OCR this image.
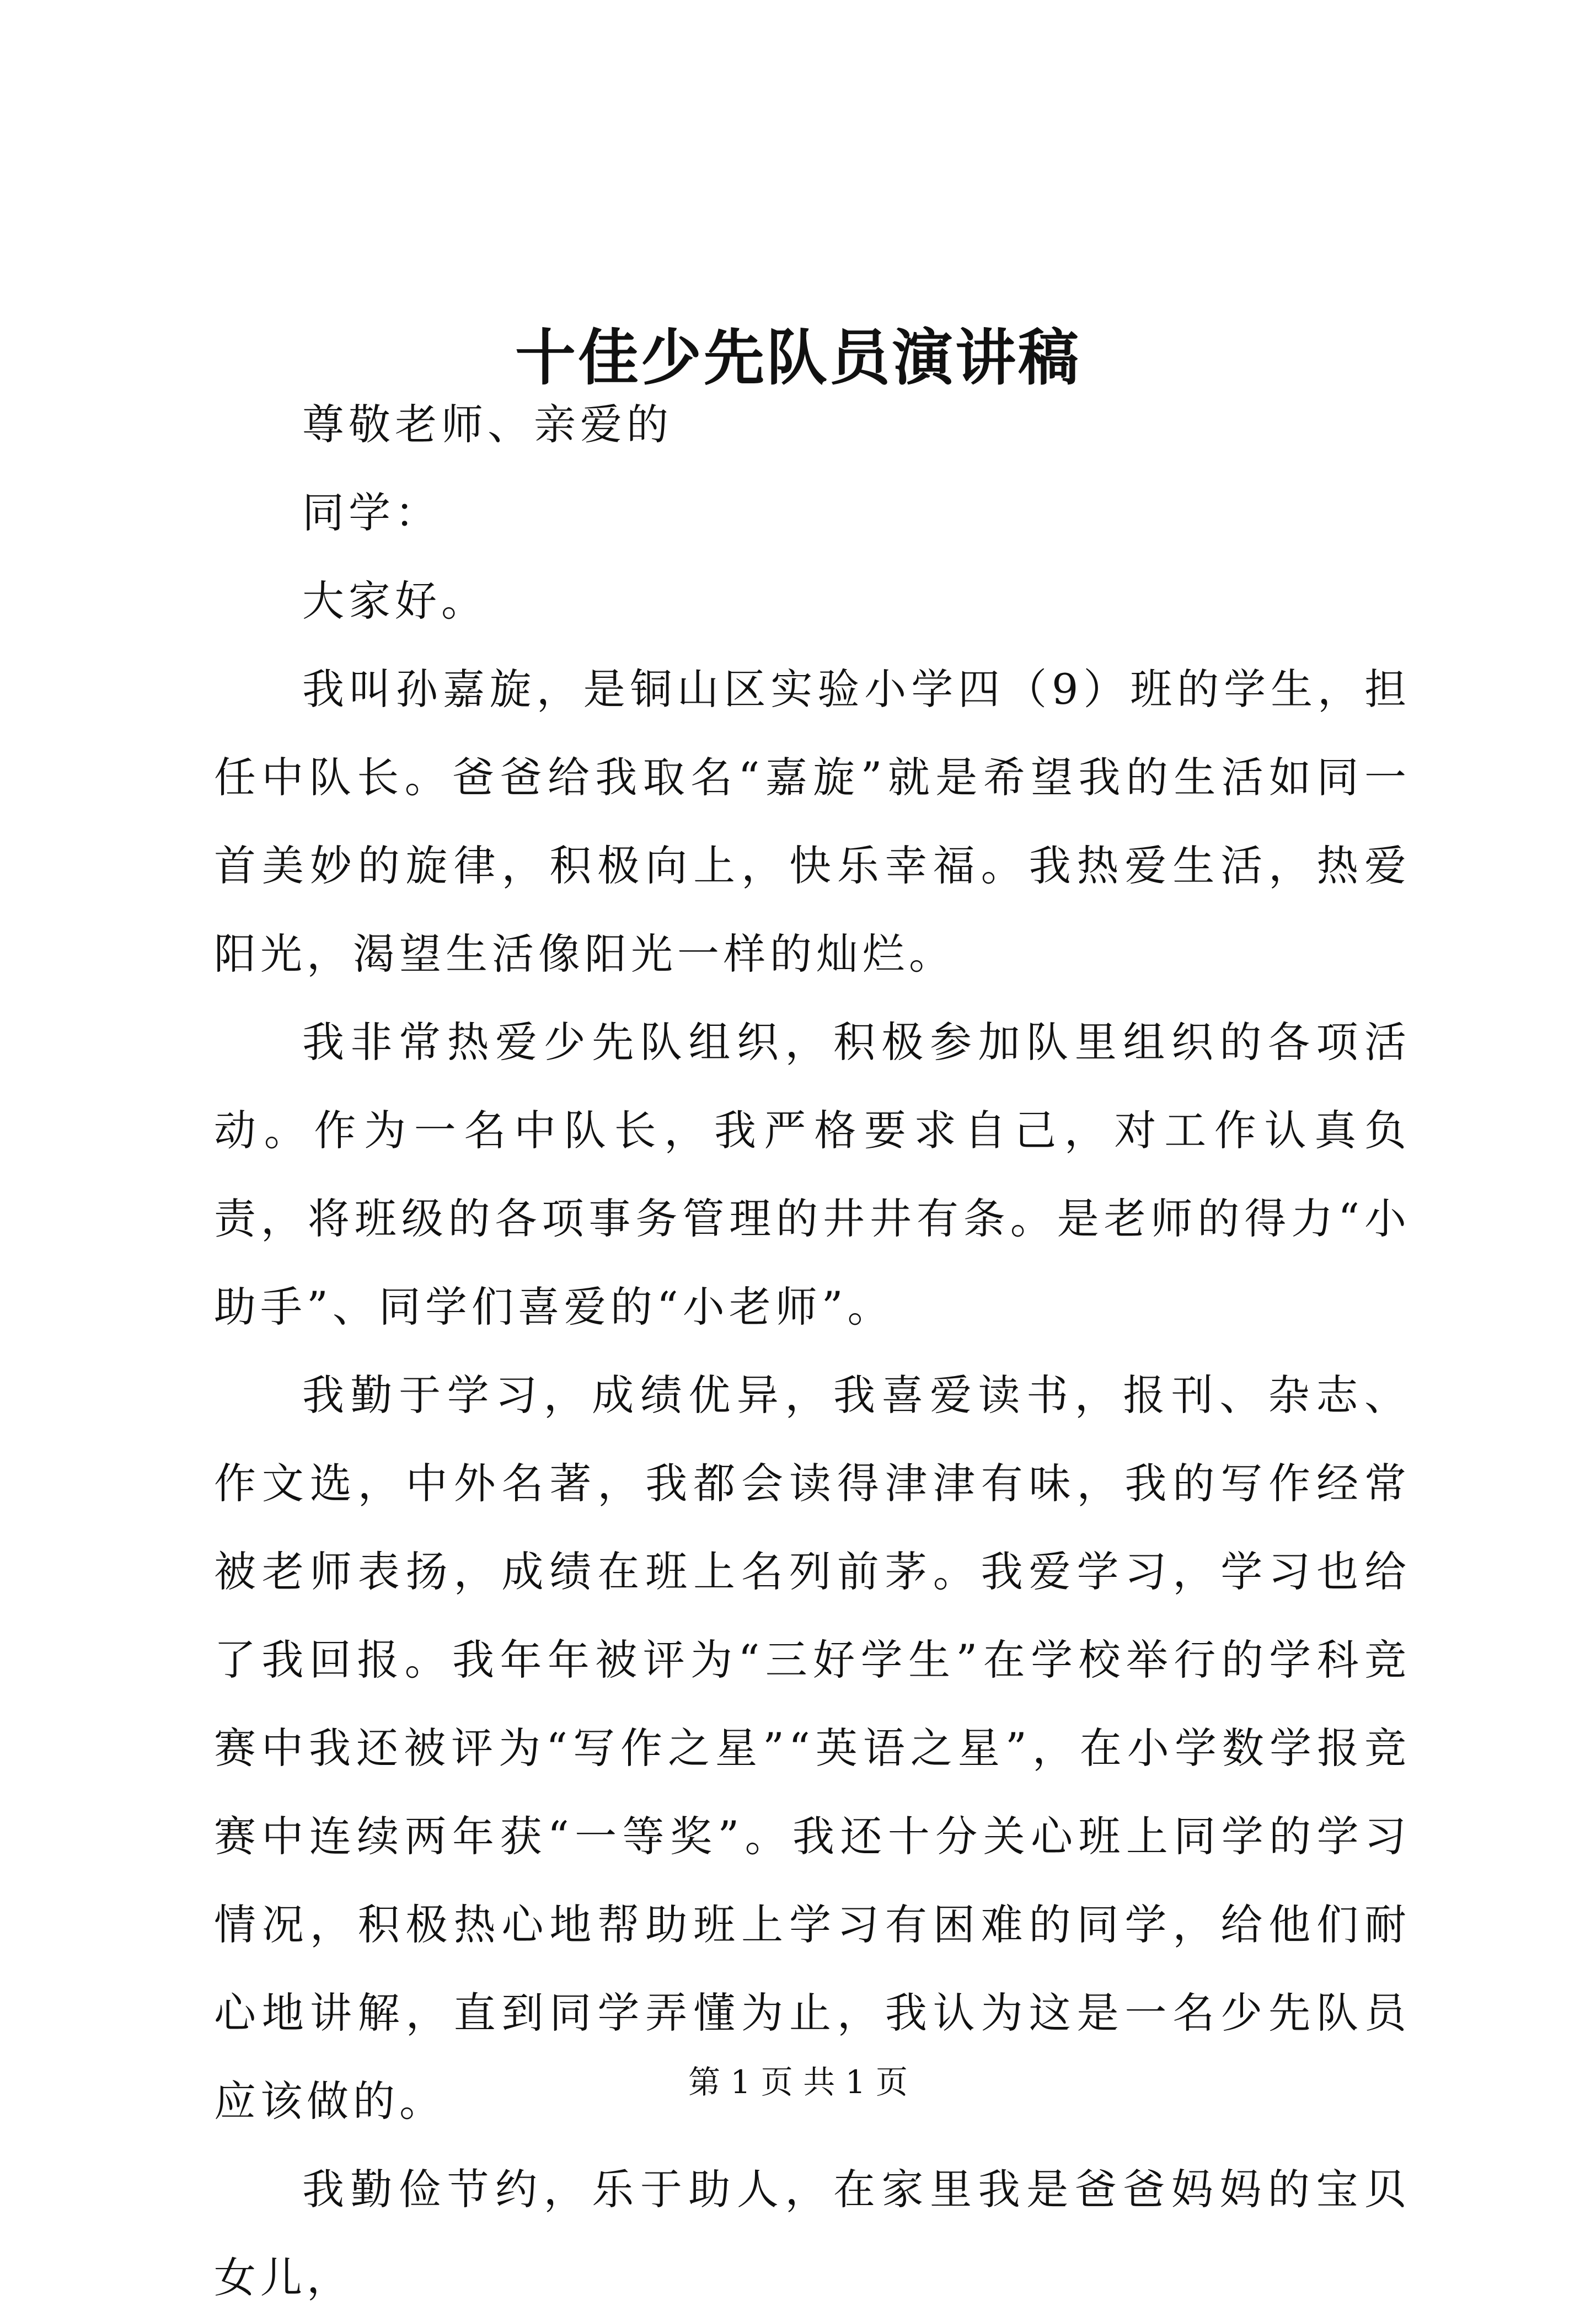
十佳少先队员演讲稿

尊敬老师、亲爱的

同学：

大家好。

我叫孙嘉旋，是铜山区实验小学四（9）班的学生，担任中队长。爸爸给我取名“嘉旋”就是希望我的生活如同一首美妙的旋律，积极向上，快乐幸福。我热爱生活，热爱阳光，渴望生活像阳光一样的灿烂。

我非常热爱少先队组织，积极参加队里组织的各项活动。作为一名中队长，我严格要求自己，对工作认真负责，将班级的各项事务管理的井井有条。是老师的得力“小助手”、同学们喜爱的“小老师”。

我勤于学习，成绩优异，我喜爱读书，报刊、杂志、作文选，中外名著，我都会读得津津有味，我的写作经常被老师表扬，成绩在班上名列前茅。我爱学习，学习也给了我回报。我年年被评为“三好学生”在学校举行的学科竞赛中我还被评为“写作之星”“英语之星”，在小学数学报竞赛中连续两年获“一等奖”。我还十分关心班上同学的学习情况，积极热心地帮助班上学习有困难的同学，给他们耐心地讲解，直到同学弄懂为止，我认为这是一名少先队员应该做的。

我勤俭节约，乐于助人，在家里我是爸爸妈妈的宝贝女儿，

第 1 页 共 1 页
